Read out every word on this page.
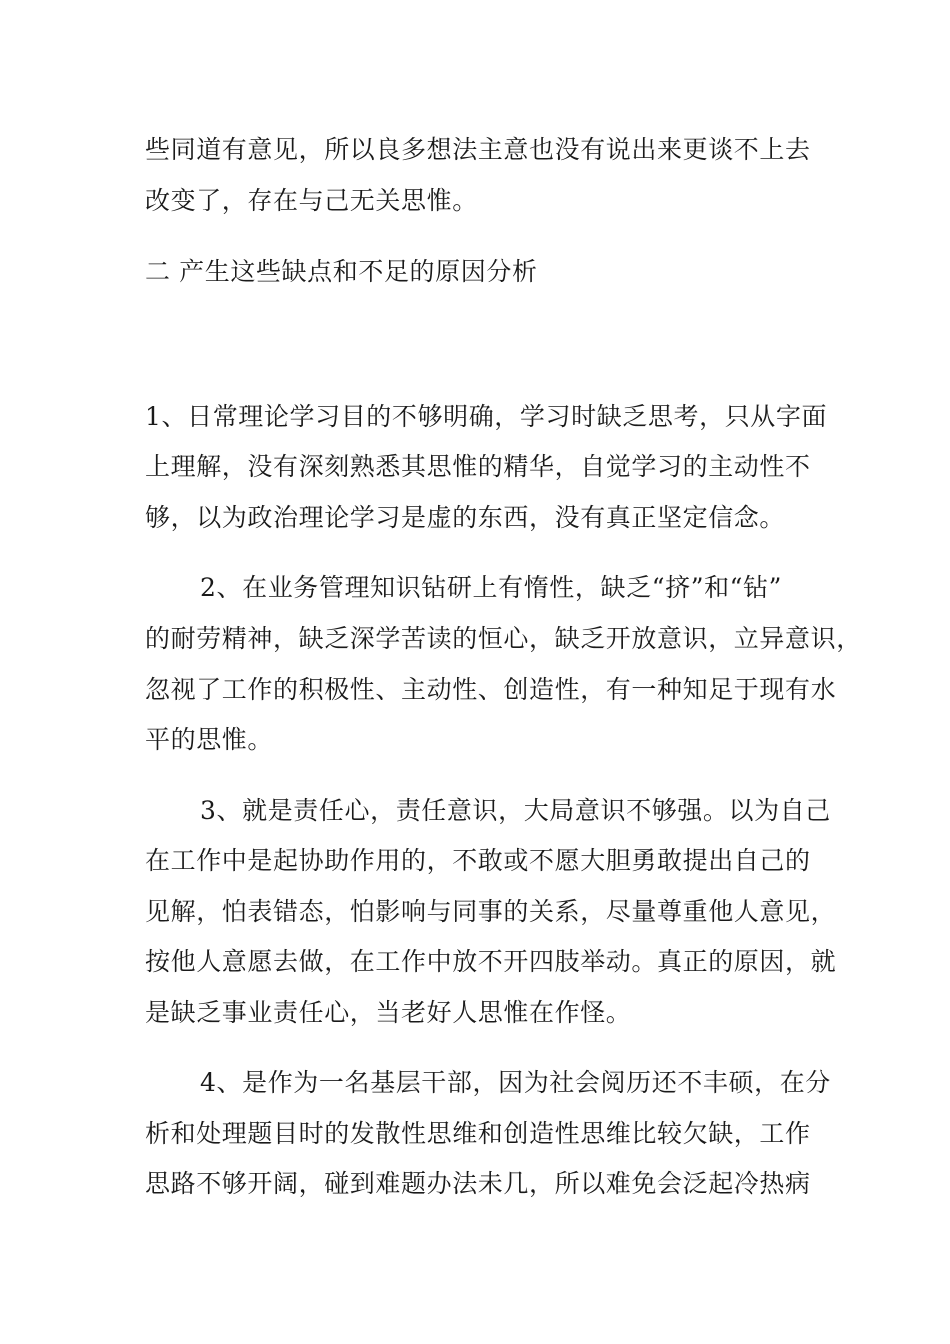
些同道有意见，所以良多想法主意也没有说出来更谈不上去
改变了，存在与己无关思惟。
二 产生这些缺点和不足的原因分析
1、日常理论学习目的不够明确，学习时缺乏思考，只从字面
上理解，没有深刻熟悉其思惟的精华，自觉学习的主动性不
够，以为政治理论学习是虚的东西，没有真正坚定信念。
2、在业务管理知识钻研上有惰性，缺乏“挤”和“钻”
的耐劳精神，缺乏深学苦读的恒心，缺乏开放意识，立异意识，
忽视了工作的积极性、主动性、创造性，有一种知足于现有水
平的思惟。
3、就是责任心，责任意识，大局意识不够强。以为自己
在工作中是起协助作用的，不敢或不愿大胆勇敢提出自己的
见解，怕表错态，怕影响与同事的关系，尽量尊重他人意见，
按他人意愿去做，在工作中放不开四肢举动。真正的原因，就
是缺乏事业责任心，当老好人思惟在作怪。
4、是作为一名基层干部，因为社会阅历还不丰硕，在分
析和处理题目时的发散性思维和创造性思维比较欠缺，工作
思路不够开阔，碰到难题办法未几，所以难免会泛起冷热病
